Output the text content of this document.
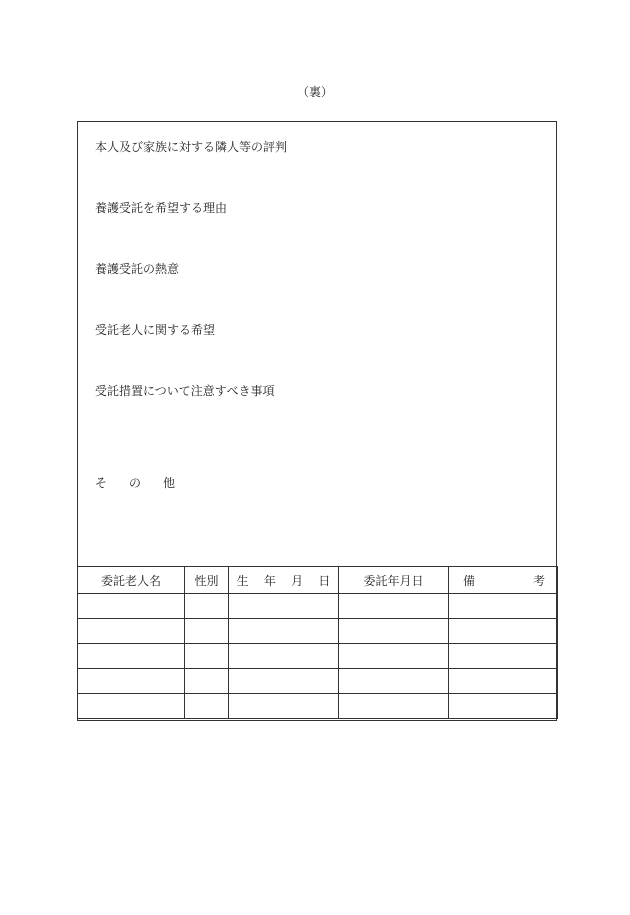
（裏）
本人及び家族に対する隣人等の評判
養護受託を希望する理由
養護受託の熱意
受託老人に関する希望
受託措置について注意すべき事項
そ の 他
委託老人名	性別	生 年 月 日	委託年月日	備 考
